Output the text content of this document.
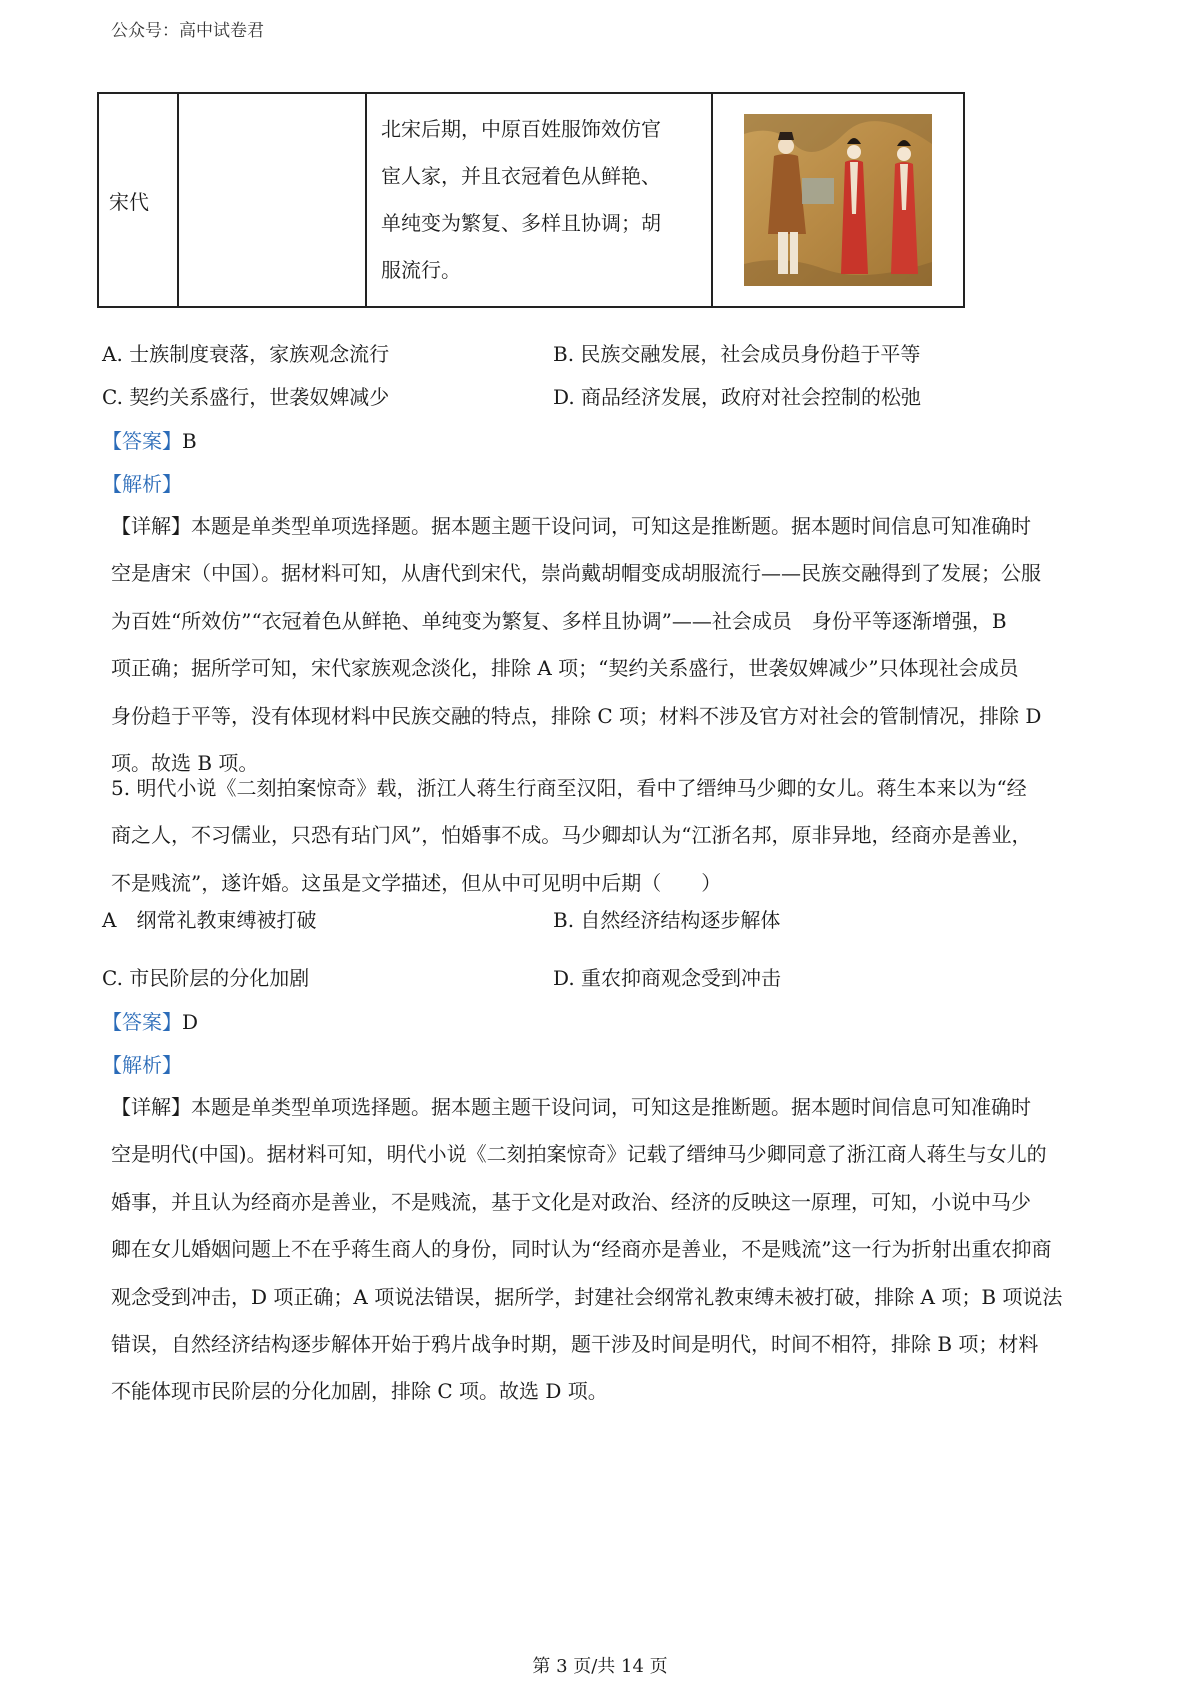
公众号：高中试卷君
宋代		
北宋后期，中原百姓服饰效仿官
宦人家，并且衣冠着色从鲜艳、
单纯变为繁复、多样且协调；胡
服流行。

A. 士族制度衰落，家族观念流行	B. 民族交融发展，社会成员身份趋于平等
C. 契约关系盛行，世袭奴婢减少	D. 商品经济发展，政府对社会控制的松弛
【答案】B
【解析】
【详解】本题是单类型单项选择题。据本题主题干设问词，可知这是推断题。据本题时间信息可知准确时
空是唐宋（中国）。据材料可知，从唐代到宋代，崇尚戴胡帽变成胡服流行——民族交融得到了发展；公服
为百姓“所效仿”“衣冠着色从鲜艳、单纯变为繁复、多样且协调”——社会成员　身份平等逐渐增强，B
项正确；据所学可知，宋代家族观念淡化，排除 A 项；“契约关系盛行，世袭奴婢减少”只体现社会成员
身份趋于平等，没有体现材料中民族交融的特点，排除 C 项；材料不涉及官方对社会的管制情况，排除 D
项。故选 B 项。
5. 明代小说《二刻拍案惊奇》载，浙江人蒋生行商至汉阳，看中了缙绅马少卿的女儿。蒋生本来以为“经
商之人，不习儒业，只恐有玷门风”，怕婚事不成。马少卿却认为“江浙名邦，原非异地，经商亦是善业，
不是贱流”，遂许婚。这虽是文学描述，但从中可见明中后期（　　）
A　纲常礼教束缚被打破	B. 自然经济结构逐步解体
C. 市民阶层的分化加剧	D. 重农抑商观念受到冲击
【答案】D
【解析】
【详解】本题是单类型单项选择题。据本题主题干设问词，可知这是推断题。据本题时间信息可知准确时
空是明代(中国)。据材料可知，明代小说《二刻拍案惊奇》记载了缙绅马少卿同意了浙江商人蒋生与女儿的
婚事，并且认为经商亦是善业，不是贱流，基于文化是对政治、经济的反映这一原理，可知，小说中马少
卿在女儿婚姻问题上不在乎蒋生商人的身份，同时认为“经商亦是善业，不是贱流”这一行为折射出重农抑商
观念受到冲击，D 项正确；A 项说法错误，据所学，封建社会纲常礼教束缚未被打破，排除 A 项；B 项说法
错误，自然经济结构逐步解体开始于鸦片战争时期，题干涉及时间是明代，时间不相符，排除 B 项；材料
不能体现市民阶层的分化加剧，排除 C 项。故选 D 项。
第 3 页/共 14 页
